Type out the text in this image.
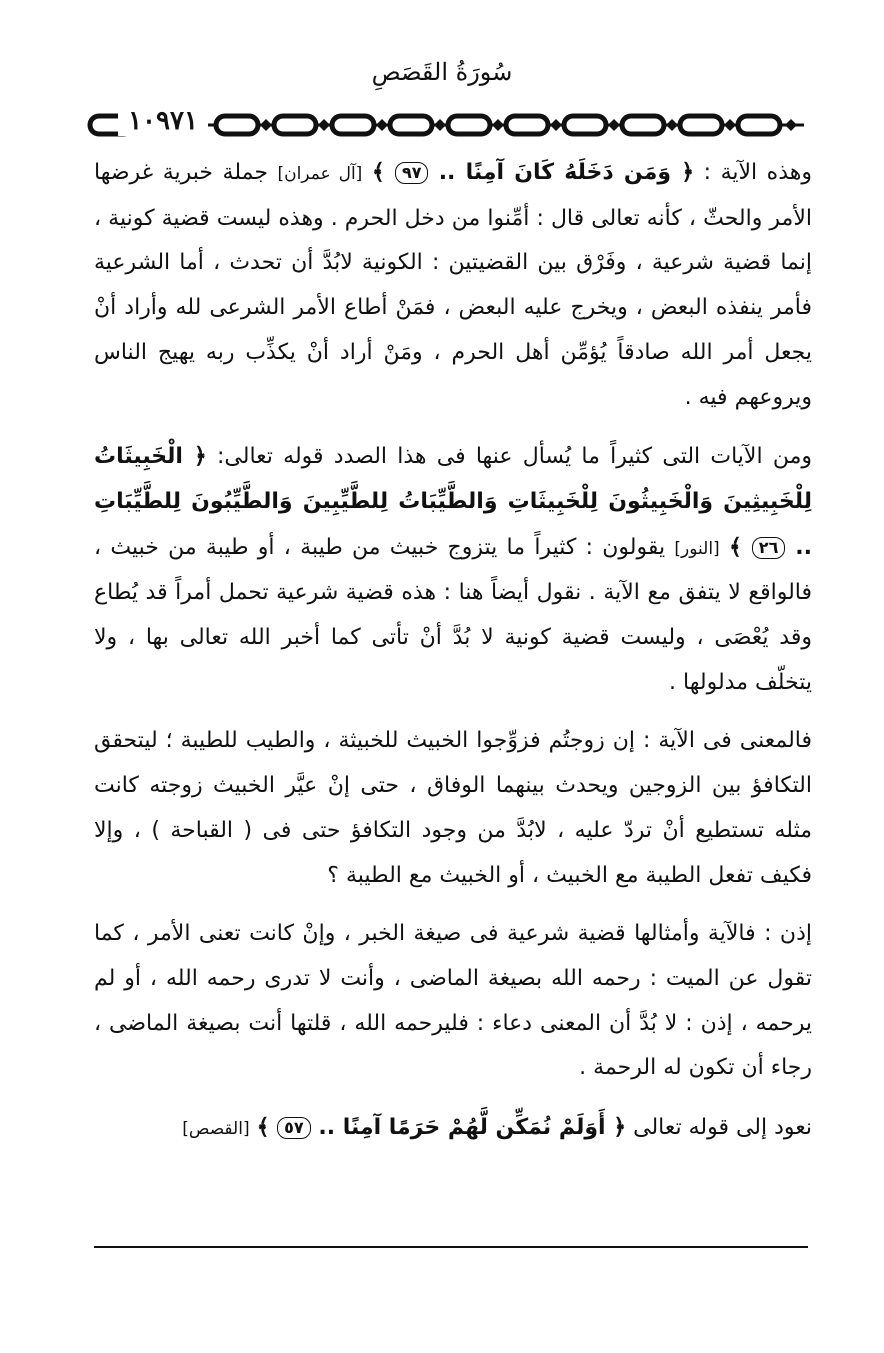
سُورَةُ القَصَصِ
١٠٩٧١

وهذه الآية : ﴿ وَمَن دَخَلَهُ كَانَ آمِنًا .. ٩٧ ﴾ [آل عمران] جملة خبرية غرضها الأمر والحثّ ، كأنه تعالى قال : أمِّنوا من دخل الحرم . وهذه ليست قضية كونية ، إنما قضية شرعية ، وفَرْق بين القضيتين : الكونية لابُدَّ أن تحدث ، أما الشرعية فأمر ينفذه البعض ، ويخرج عليه البعض ، فمَنْ أطاع الأمر الشرعى لله وأراد أنْ يجعل أمر الله صادقاً يُؤمِّن أهل الحرم ، ومَنْ أراد أنْ يكذِّب ربه يهيج الناس ويروعهم فيه .

ومن الآيات التى كثيراً ما يُسأل عنها فى هذا الصدد قوله تعالى: ﴿ الْخَبِيثَاتُ لِلْخَبِيثِينَ وَالْخَبِيثُونَ لِلْخَبِيثَاتِ وَالطَّيِّبَاتُ لِلطَّيِّبِينَ وَالطَّيِّبُونَ لِلطَّيِّبَاتِ .. ٢٦ ﴾ [النور] يقولون : كثيراً ما يتزوج خبيث من طيبة ، أو طيبة من خبيث ، فالواقع لا يتفق مع الآية . نقول أيضاً هنا : هذه قضية شرعية تحمل أمراً قد يُطاع وقد يُعْصَى ، وليست قضية كونية لا بُدَّ أنْ تأتى كما أخبر الله تعالى بها ، ولا يتخلّف مدلولها .

فالمعنى فى الآية : إن زوجتُم فزوِّجوا الخبيث للخبيثة ، والطيب للطيبة ؛ ليتحقق التكافؤ بين الزوجين ويحدث بينهما الوفاق ، حتى إنْ عيَّر الخبيث زوجته كانت مثله تستطيع أنْ تردّ عليه ، لابُدَّ من وجود التكافؤ حتى فى ( القباحة ) ، وإلا فكيف تفعل الطيبة مع الخبيث ، أو الخبيث مع الطيبة ؟

إذن : فالآية وأمثالها قضية شرعية فى صيغة الخبر ، وإنْ كانت تعنى الأمر ، كما تقول عن الميت : رحمه الله بصيغة الماضى ، وأنت لا تدرى رحمه الله ، أو لم يرحمه ، إذن : لا بُدَّ أن المعنى دعاء : فليرحمه الله ، قلتها أنت بصيغة الماضى ، رجاء أن تكون له الرحمة .

نعود إلى قوله تعالى ﴿ أَوَلَمْ نُمَكِّن لَّهُمْ حَرَمًا آمِنًا .. ٥٧ ﴾ [القصص]
